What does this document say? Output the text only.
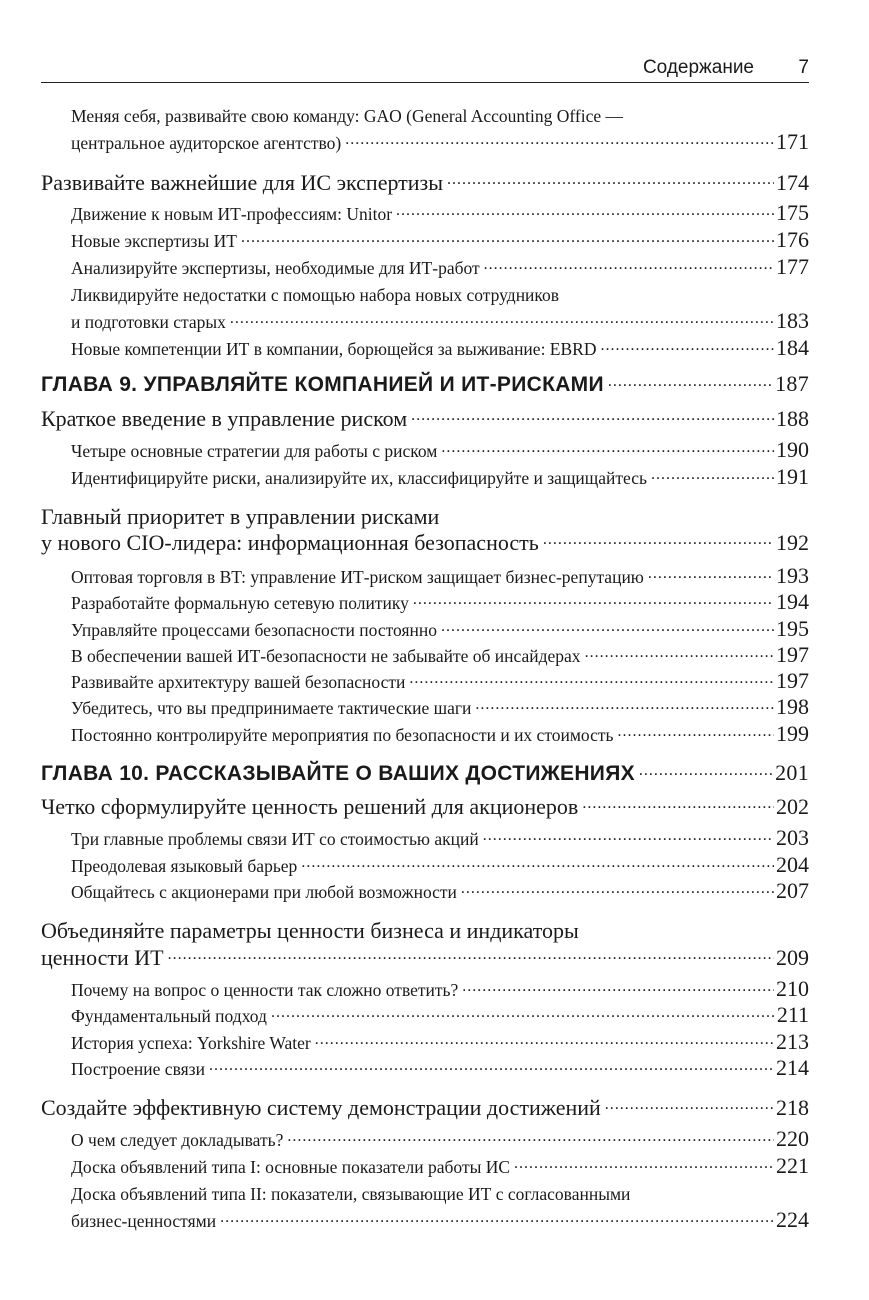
Содержание 7
Меняя себя, развивайте свою команду: GAO (General Accounting Office —
центральное аудиторское агентство) .....	171
Развивайте важнейшие для ИС экспертизы .....	174
Движение к новым ИТ-профессиям: Unitor .....	175
Новые экспертизы ИТ .....	176
Анализируйте экспертизы, необходимые для ИТ-работ .....	177
Ликвидируйте недостатки с помощью набора новых сотрудников
и подготовки старых .....	183
Новые компетенции ИТ в компании, борющейся за выживание: EBRD .....	184
ГЛАВА 9. УПРАВЛЯЙТЕ КОМПАНИЕЙ И ИТ-РИСКАМИ .....	187
Краткое введение в управление риском .....	188
Четыре основные стратегии для работы с риском .....	190
Идентифицируйте риски, анализируйте их, классифицируйте и защищайтесь .....	191
Главный приоритет в управлении рисками
у нового CIO-лидера: информационная безопасность .....	192
Оптовая торговля в BT: управление ИТ-риском защищает бизнес-репутацию .....	193
Разработайте формальную сетевую политику .....	194
Управляйте процессами безопасности постоянно .....	195
В обеспечении вашей ИТ-безопасности не забывайте об инсайдерах .....	197
Развивайте архитектуру вашей безопасности .....	197
Убедитесь, что вы предпринимаете тактические шаги .....	198
Постоянно контролируйте мероприятия по безопасности и их стоимость .....	199
ГЛАВА 10. РАССКАЗЫВАЙТЕ О ВАШИХ ДОСТИЖЕНИЯХ .....	201
Четко сформулируйте ценность решений для акционеров .....	202
Три главные проблемы связи ИТ со стоимостью акций .....	203
Преодолевая языковый барьер .....	204
Общайтесь с акционерами при любой возможности .....	207
Объединяйте параметры ценности бизнеса и индикаторы
ценности ИТ .....	209
Почему на вопрос о ценности так сложно ответить? .....	210
Фундаментальный подход .....	211
История успеха: Yorkshire Water .....	213
Построение связи .....	214
Создайте эффективную систему демонстрации достижений .....	218
О чем следует докладывать? .....	220
Доска объявлений типа I: основные показатели работы ИС .....	221
Доска объявлений типа II: показатели, связывающие ИТ с согласованными
бизнес-ценностями .....	224
